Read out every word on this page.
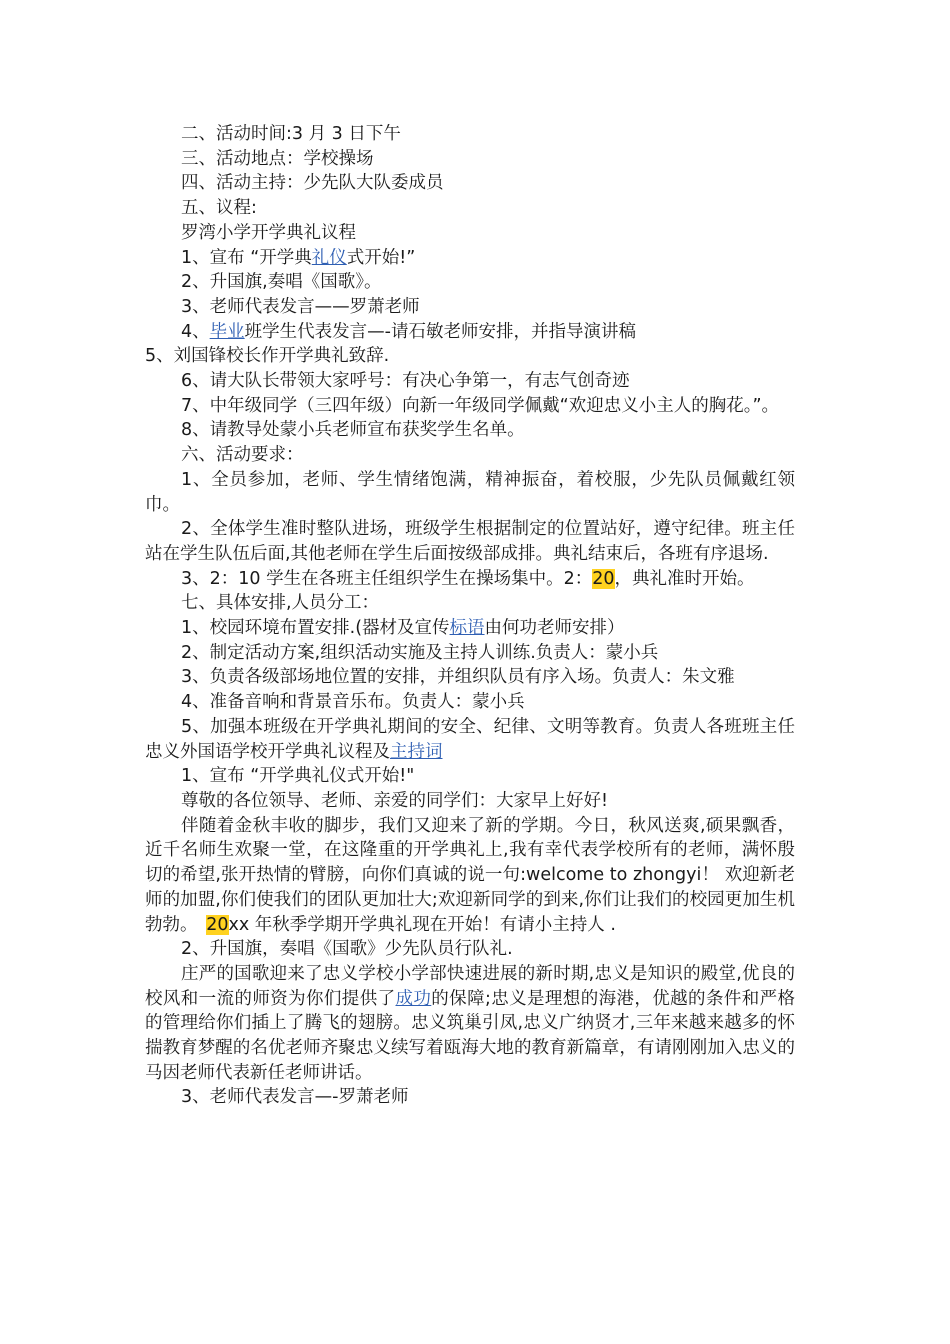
二、活动时间:3 月 3 日下午

三、活动地点：学校操场

四、活动主持：少先队大队委成员

五、议程:

罗湾小学开学典礼议程

1、宣布 “开学典礼仪式开始!”

2、升国旗,奏唱《国歌》。

3、老师代表发言——罗萧老师

4、毕业班学生代表发言—-请石敏老师安排，并指导演讲稿

5、刘国锋校长作开学典礼致辞.

6、请大队长带领大家呼号：有决心争第一，有志气创奇迹

7、中年级同学（三四年级）向新一年级同学佩戴“欢迎忠义小主人的胸花。”。

8、请教导处蒙小兵老师宣布获奖学生名单。

六、活动要求：

1、全员参加，老师、学生情绪饱满，精神振奋，着校服，少先队员佩戴红领巾。

2、全体学生准时整队进场，班级学生根据制定的位置站好，遵守纪律。班主任站在学生队伍后面,其他老师在学生后面按级部成排。典礼结束后，各班有序退场.

3、2：10 学生在各班主任组织学生在操场集中。2：20，典礼准时开始。

七、具体安排,人员分工：

1、校园环境布置安排.(器材及宣传标语由何功老师安排）

2、制定活动方案,组织活动实施及主持人训练.负责人：蒙小兵

3、负责各级部场地位置的安排，并组织队员有序入场。负责人：朱文雅

4、准备音响和背景音乐布。负责人：蒙小兵

5、加强本班级在开学典礼期间的安全、纪律、文明等教育。负责人各班班主任忠义外国语学校开学典礼议程及主持词

1、宣布 “开学典礼仪式开始!"

尊敬的各位领导、老师、亲爱的同学们：大家早上好好!

伴随着金秋丰收的脚步，我们又迎来了新的学期。今日，秋风送爽,硕果飘香，近千名师生欢聚一堂，在这隆重的开学典礼上,我有幸代表学校所有的老师，满怀殷切的希望,张开热情的臂膀，向你们真诚的说一句:welcome to zhongyi！ 欢迎新老师的加盟,你们使我们的团队更加壮大;欢迎新同学的到来,你们让我们的校园更加生机勃勃。　20xx 年秋季学期开学典礼现在开始！有请小主持人 .

2、升国旗，奏唱《国歌》少先队员行队礼.

庄严的国歌迎来了忠义学校小学部快速进展的新时期,忠义是知识的殿堂,优良的校风和一流的师资为你们提供了成功的保障;忠义是理想的海港，优越的条件和严格的管理给你们插上了腾飞的翅膀。忠义筑巢引凤,忠义广纳贤才,三年来越来越多的怀揣教育梦醒的名优老师齐聚忠义续写着瓯海大地的教育新篇章，有请刚刚加入忠义的马因老师代表新任老师讲话。

3、老师代表发言—-罗萧老师
